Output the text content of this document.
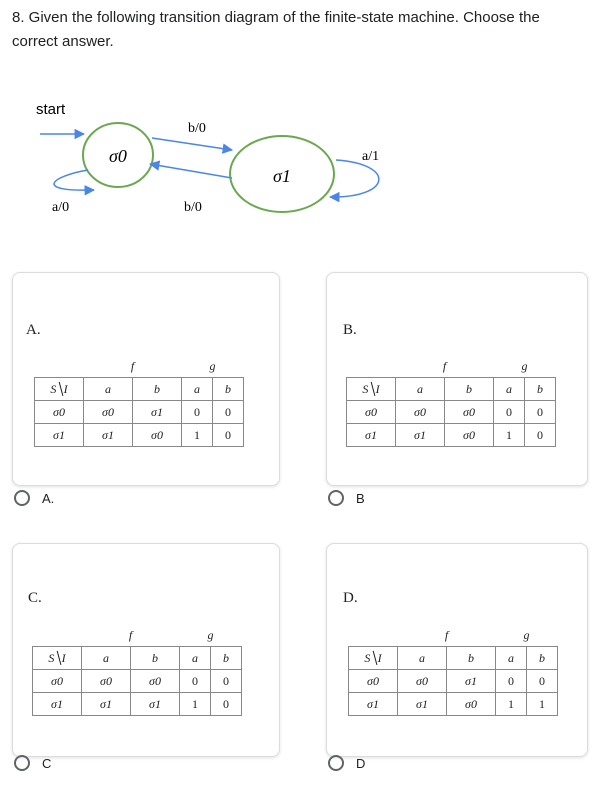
8. Given the following transition diagram of the finite-state machine. Choose the correct answer.
start
σ0
σ1
b/0
b/0
a/0
a/1
A.
	f		g	
S╲I	a	b	a	b
σ0	σ0	σ1	0	0
σ1	σ1	σ0	1	0
A.
B.
	f		g	
S╲I	a	b	a	b
σ0	σ0	σ0	0	0
σ1	σ1	σ0	1	0
B
C.
	f		g	
S╲I	a	b	a	b
σ0	σ0	σ0	0	0
σ1	σ1	σ1	1	0
C
D.
	f		g	
S╲I	a	b	a	b
σ0	σ0	σ1	0	0
σ1	σ1	σ0	1	1
D
